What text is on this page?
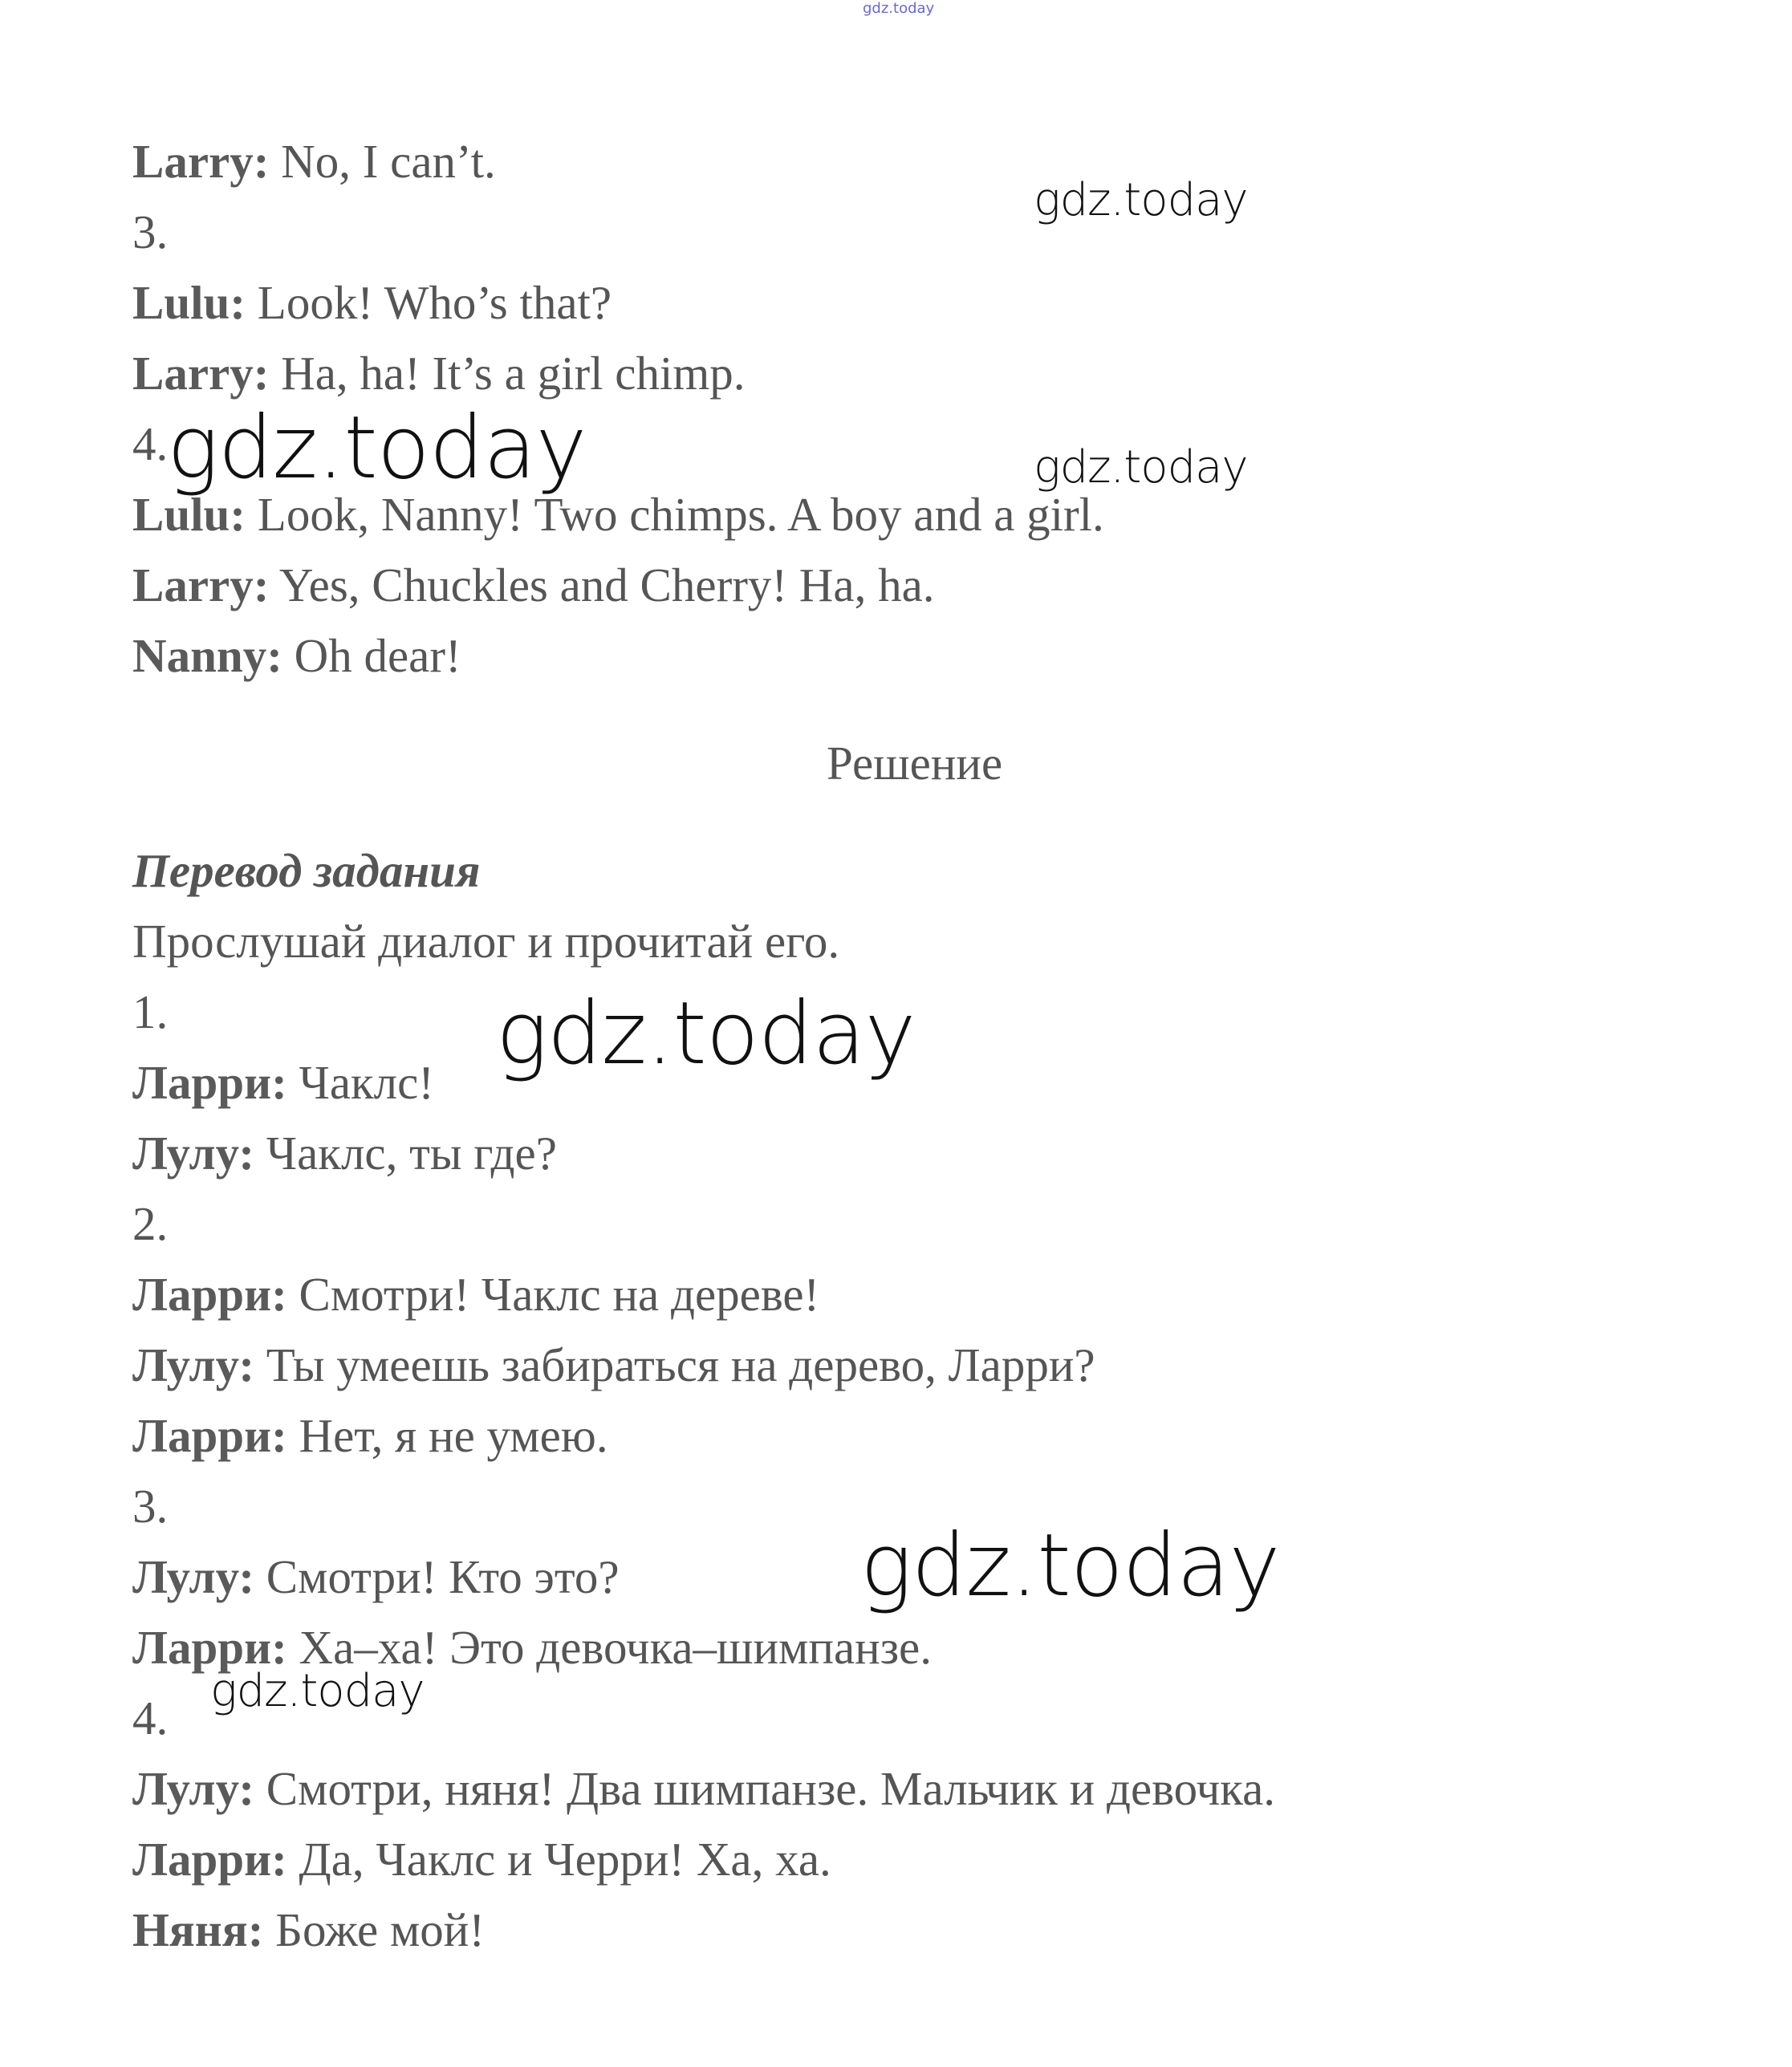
gdz.today
Larry: No, I can’t.
3.
Lulu: Look! Who’s that?
Larry: Ha, ha! It’s a girl chimp.
4.
Lulu: Look, Nanny! Two chimps. A boy and a girl.
Larry: Yes, Chuckles and Cherry! Ha, ha.
Nanny: Oh dear!
Решение
Перевод задания
Прослушай диалог и прочитай его.
1.
Ларри: Чаклс!
Лулу: Чаклс, ты где?
2.
Ларри: Смотри! Чаклс на дереве!
Лулу: Ты умеешь забираться на дерево, Ларри?
Ларри: Нет, я не умею.
3.
Лулу: Смотри! Кто это?
Ларри: Ха–ха! Это девочка–шимпанзе.
4.
Лулу: Смотри, няня! Два шимпанзе. Мальчик и девочка.
Ларри: Да, Чаклс и Черри! Ха, ха.
Няня: Боже мой!
gdz.today
gdz.today	gdz.today
gdz.today
gdz.today
gdz.today
